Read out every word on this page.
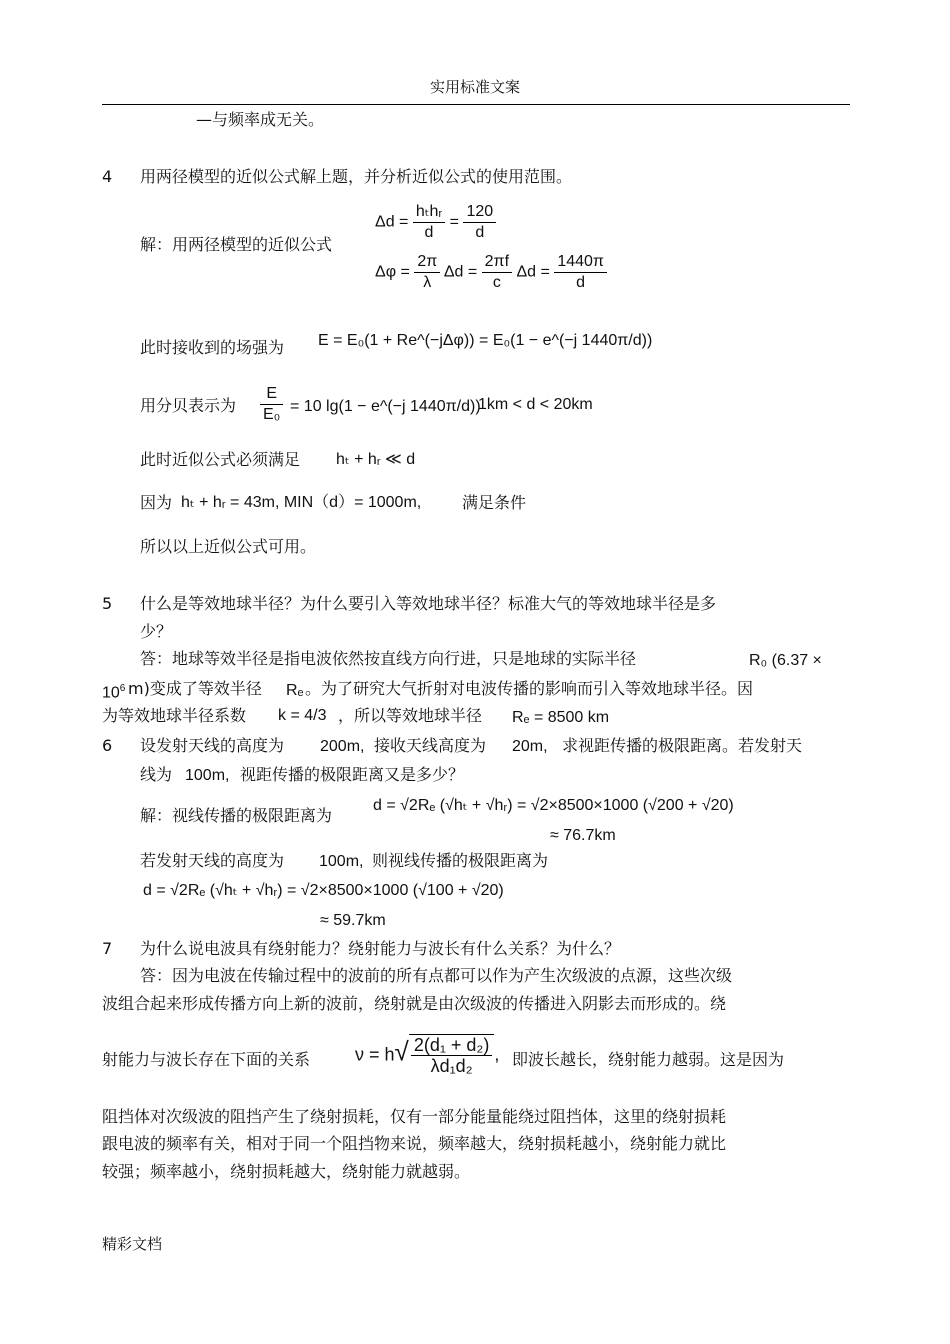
实用标准文案
—与频率成无关。
4 用两径模型的近似公式解上题，并分析近似公式的使用范围。
$\Delta d = \frac{\text{hₜhᵣ}}{d} = \frac{120}{d}$
解：用两径模型的近似公式
$\Delta\varphi = \frac{2\pi}{\lambda}$ $\Delta d = \frac{2\pi f}{c}$ $\Delta d = \frac{1440\pi}{d}$
此时接收到的场强为 E = E₀(1 + Re^(−jΔφ)) = E₀(1 − e^(−j 1440π/d))
用分贝表示为 $\frac{E}{\text{E₀}} = 10$ lg(1 − e^(−j 1440π/d))
1km < d < 20km
此时近似公式必须满足 hₜ + hᵣ ≪ d
因为 hₜ + hᵣ = 43m, MIN（d）= 1000m,	满足条件
所以以上近似公式可用。
5 什么是等效地球半径？为什么要引入等效地球半径？标准大气的等效地球半径是多
少？
答：地球等效半径是指电波依然按直线方向行进，只是地球的实际半径	R₀ (6.37 ×
$10^6$ m)变成了等效半径 Rₑ 。为了研究大气折射对电波传播的影响而引入等效地球半径。因
为等效地球半径系数 k = 4/3 ，所以等效地球半径 Rₑ = 8500 km
6 设发射天线的高度为 200m, 接收天线高度为 20m, 求视距传播的极限距离。若发射天
线为 100m, 视距传播的极限距离又是多少？
解：视线传播的极限距离为
d = √2Rₑ (√hₜ + √hᵣ) = √2×8500×1000 (√200 + √20)
≈ 76.7km
若发射天线的高度为 100m, 则视线传播的极限距离为
d = √2Rₑ (√hₜ + √hᵣ) = √2×8500×1000 (√100 + √20)
≈ 59.7km
7 为什么说电波具有绕射能力？绕射能力与波长有什么关系？为什么？
答：因为电波在传输过程中的波前的所有点都可以作为产生次级波的点源，这些次级
波组合起来形成传播方向上新的波前，绕射就是由次级波的传播进入阴影去而形成的。绕
射能力与波长存在下面的关系 $\nu = h√ \frac{\text{2(d₁ + d₂)}}{\text{λd₁d₂}}$ , 即波长越长，绕射能力越弱。这是因为
阻挡体对次级波的阻挡产生了绕射损耗，仅有一部分能量能绕过阻挡体，这里的绕射损耗
跟电波的频率有关，相对于同一个阻挡物来说，频率越大，绕射损耗越小，绕射能力就比
较强；频率越小，绕射损耗越大，绕射能力就越弱。
精彩文档
